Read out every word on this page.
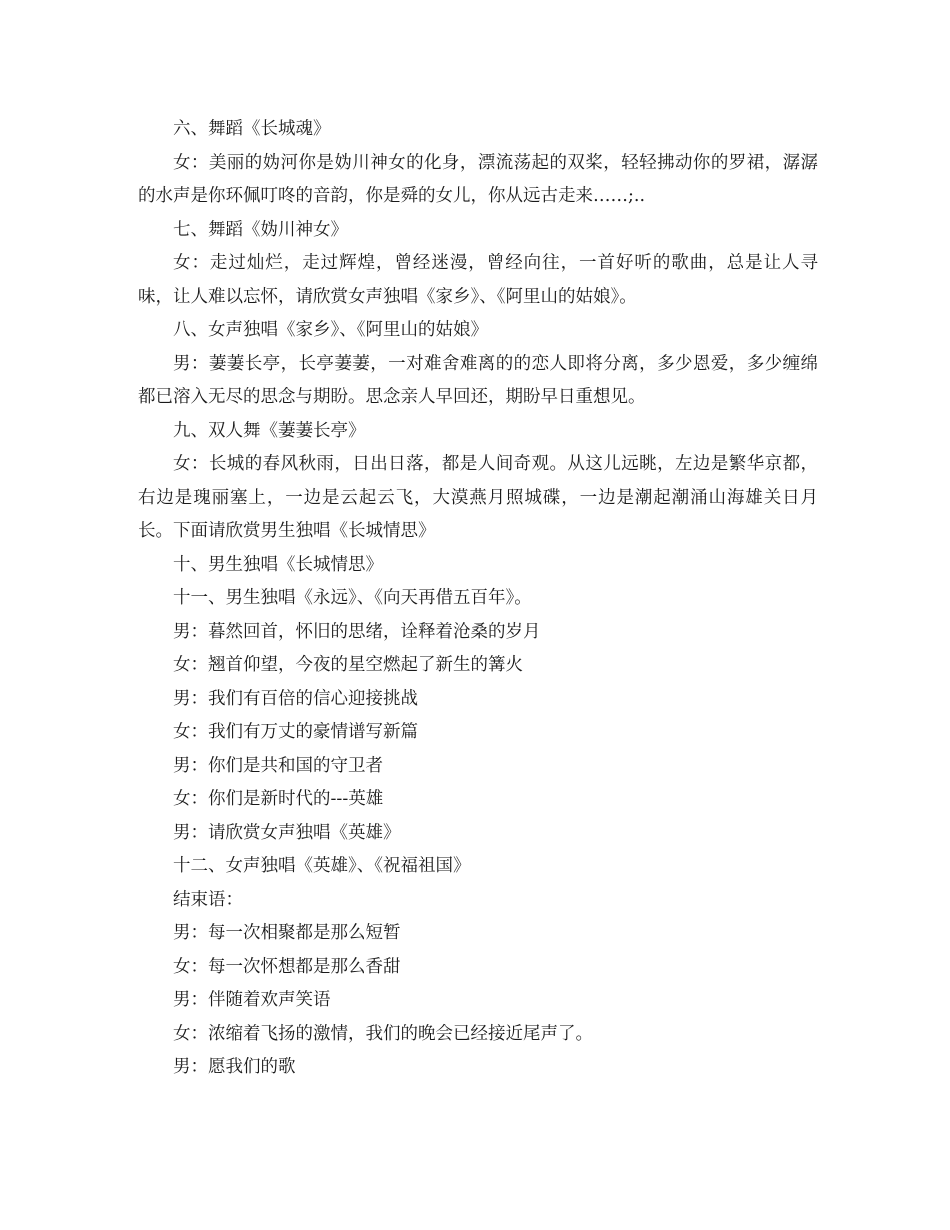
六、舞蹈《长城魂》

女：美丽的妫河你是妫川神女的化身，漂流荡起的双桨，轻轻拂动你的罗裙，潺潺的水声是你环佩叮咚的音韵，你是舜的女儿，你从远古走来……;..

七、舞蹈《妫川神女》

女：走过灿烂，走过辉煌，曾经迷漫，曾经向往，一首好听的歌曲，总是让人寻味，让人难以忘怀，请欣赏女声独唱《家乡》、《阿里山的姑娘》。

八、女声独唱《家乡》、《阿里山的姑娘》

男：萋萋长亭，长亭萋萋，一对难舍难离的的恋人即将分离，多少恩爱，多少缠绵都已溶入无尽的思念与期盼。思念亲人早回还，期盼早日重想见。

九、双人舞《萋萋长亭》

女：长城的春风秋雨，日出日落，都是人间奇观。从这儿远眺，左边是繁华京都，右边是瑰丽塞上，一边是云起云飞，大漠燕月照城碟，一边是潮起潮涌山海雄关日月长。下面请欣赏男生独唱《长城情思》

十、男生独唱《长城情思》

十一、男生独唱《永远》、《向天再借五百年》。

男：暮然回首，怀旧的思绪，诠释着沧桑的岁月

女：翘首仰望，今夜的星空燃起了新生的篝火

男：我们有百倍的信心迎接挑战

女：我们有万丈的豪情谱写新篇

男：你们是共和国的守卫者

女：你们是新时代的---英雄

男：请欣赏女声独唱《英雄》

十二、女声独唱《英雄》、《祝福祖国》

结束语：

男：每一次相聚都是那么短暂

女：每一次怀想都是那么香甜

男：伴随着欢声笑语

女：浓缩着飞扬的激情，我们的晚会已经接近尾声了。

男：愿我们的歌
